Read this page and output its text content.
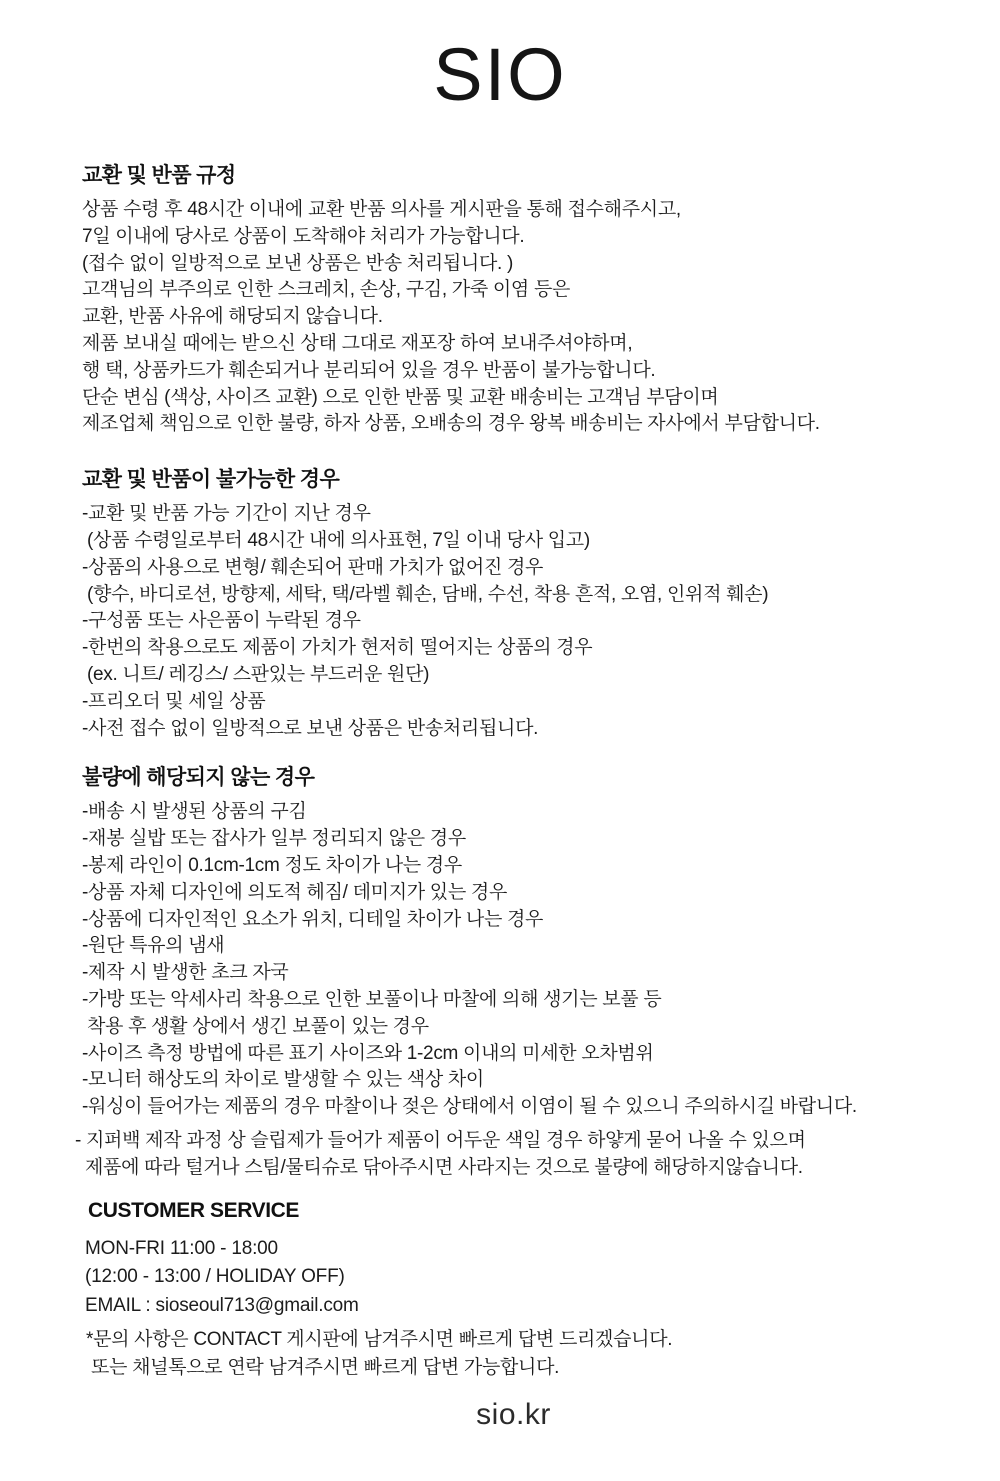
SIO
교환 및 반품 규정
상품 수령 후 48시간 이내에 교환 반품 의사를 게시판을 통해 접수해주시고,
7일 이내에 당사로 상품이 도착해야 처리가 가능합니다.
(접수 없이 일방적으로 보낸 상품은 반송 처리됩니다. )
고객님의 부주의로 인한 스크레치, 손상, 구김, 가죽 이염 등은
교환, 반품 사유에 해당되지 않습니다.
제품 보내실 때에는 받으신 상태 그대로 재포장 하여 보내주셔야하며,
행 택, 상품카드가 훼손되거나 분리되어 있을 경우 반품이 불가능합니다.
단순 변심 (색상, 사이즈 교환) 으로 인한 반품 및 교환 배송비는 고객님 부담이며
제조업체 책임으로 인한 불량, 하자 상품, 오배송의 경우 왕복 배송비는 자사에서 부담합니다.
교환 및 반품이 불가능한 경우
-교환 및 반품 가능 기간이 지난 경우
(상품 수령일로부터 48시간 내에 의사표현, 7일 이내 당사 입고)
-상품의 사용으로 변형/ 훼손되어 판매 가치가 없어진 경우
(향수, 바디로션, 방향제, 세탁, 택/라벨 훼손, 담배, 수선, 착용 흔적, 오염, 인위적 훼손)
-구성품 또는 사은품이 누락된 경우
-한번의 착용으로도 제품이 가치가 현저히 떨어지는 상품의 경우
(ex. 니트/ 레깅스/ 스판있는 부드러운 원단)
-프리오더 및 세일 상품
-사전 접수 없이 일방적으로 보낸 상품은 반송처리됩니다.
불량에 해당되지 않는 경우
-배송 시 발생된 상품의 구김
-재봉 실밥 또는 잡사가 일부 정리되지 않은 경우
-봉제 라인이 0.1cm-1cm 정도 차이가 나는 경우
-상품 자체 디자인에 의도적 헤짐/ 데미지가 있는 경우
-상품에 디자인적인 요소가 위치, 디테일 차이가 나는 경우
-원단 특유의 냄새
-제작 시 발생한 초크 자국
-가방 또는 악세사리 착용으로 인한 보풀이나 마찰에 의해 생기는 보풀 등
착용 후 생활 상에서 생긴 보풀이 있는 경우
-사이즈 측정 방법에 따른 표기 사이즈와 1-2cm 이내의 미세한 오차범위
-모니터 해상도의 차이로 발생할 수 있는 색상 차이
-워싱이 들어가는 제품의 경우 마찰이나 젖은 상태에서 이염이 될 수 있으니 주의하시길 바랍니다.
- 지퍼백 제작 과정 상 슬립제가 들어가 제품이 어두운 색일 경우 하얗게 묻어 나올 수 있으며
제품에 따라 털거나 스팀/물티슈로 닦아주시면 사라지는 것으로 불량에 해당하지않습니다.
CUSTOMER SERVICE
MON-FRI 11:00 - 18:00
(12:00 - 13:00 / HOLIDAY OFF)
EMAIL : sioseoul713@gmail.com
*문의 사항은 CONTACT 게시판에 남겨주시면 빠르게 답변 드리겠습니다.
또는 채널톡으로 연락 남겨주시면 빠르게 답변 가능합니다.
sio.kr
